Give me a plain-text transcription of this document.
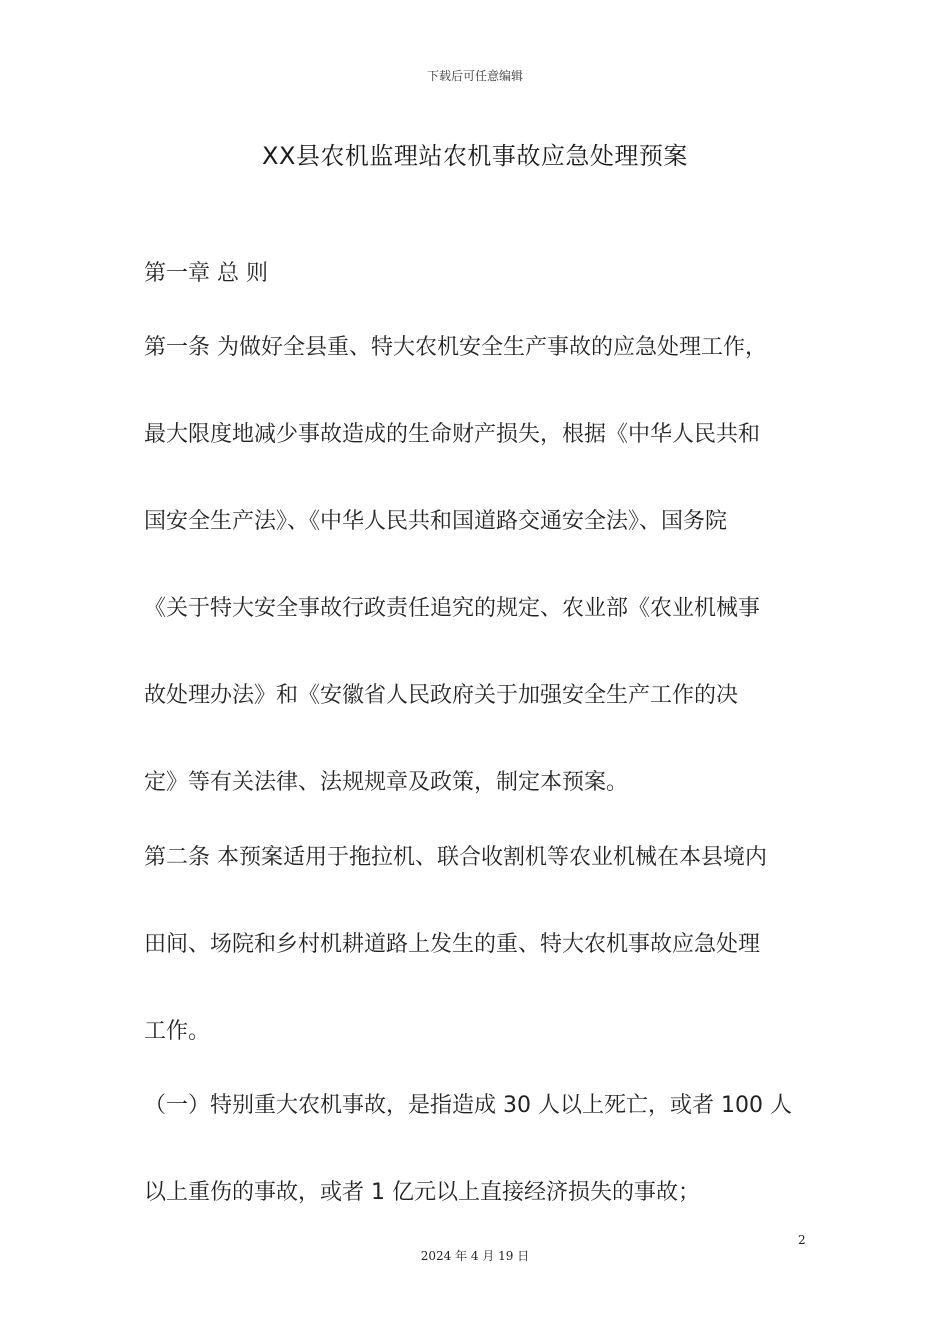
下载后可任意编辑
XX县农机监理站农机事故应急处理预案
第一章 总 则
第一条 为做好全县重、特大农机安全生产事故的应急处理工作，
最大限度地减少事故造成的生命财产损失，根据《中华人民共和
国安全生产法》、《中华人民共和国道路交通安全法》、国务院
《关于特大安全事故行政责任追究的规定、农业部《农业机械事
故处理办法》和《安徽省人民政府关于加强安全生产工作的决
定》等有关法律、法规规章及政策，制定本预案。
第二条 本预案适用于拖拉机、联合收割机等农业机械在本县境内
田间、场院和乡村机耕道路上发生的重、特大农机事故应急处理
工作。
（一）特别重大农机事故，是指造成 30 人以上死亡，或者 100 人
以上重伤的事故，或者 1 亿元以上直接经济损失的事故；
2
2024 年 4 月 19 日
